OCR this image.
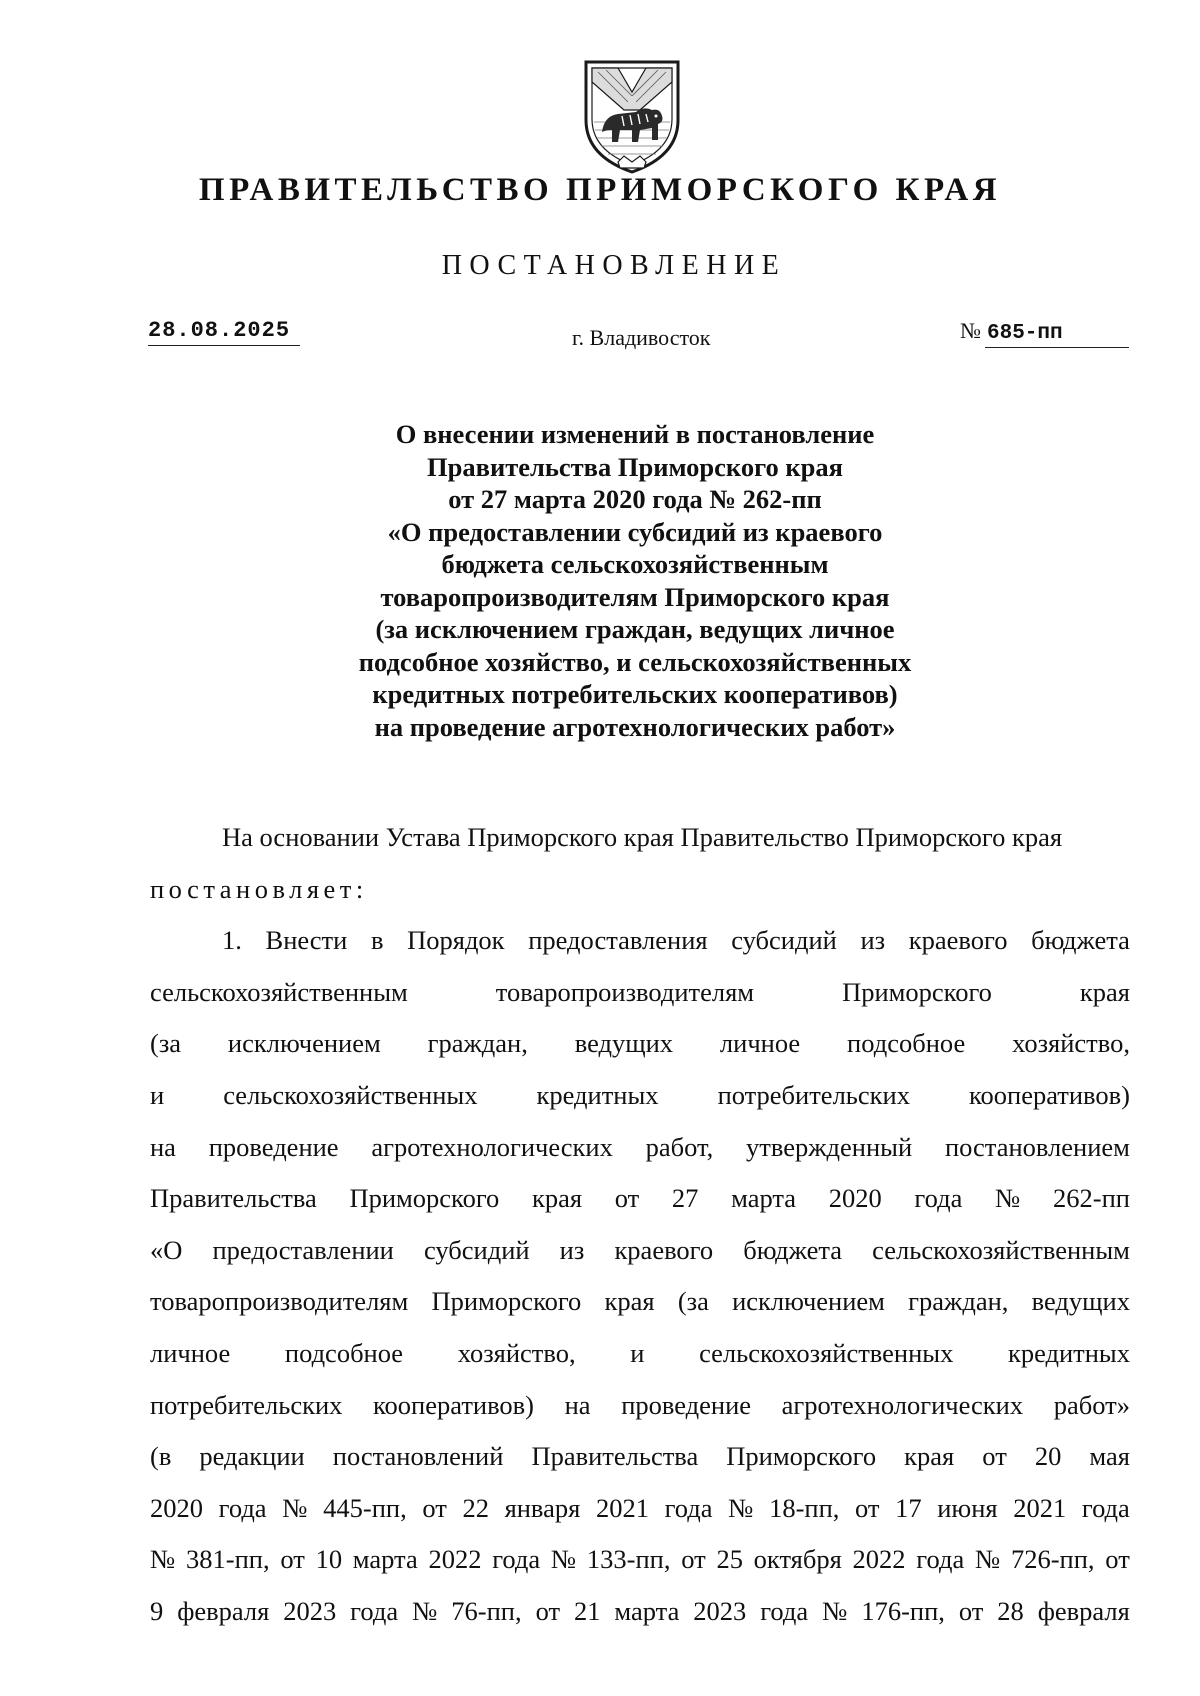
ПРАВИТЕЛЬСТВО ПРИМОРСКОГО КРАЯ
ПОСТАНОВЛЕНИЕ
28.08.2025	г. Владивосток	№ 685-пп
О внесении изменений в постановление
Правительства Приморского края
от 27 марта 2020 года № 262-пп
«О предоставлении субсидий из краевого
бюджета сельскохозяйственным
товаропроизводителям Приморского края
(за исключением граждан, ведущих личное
подсобное хозяйство, и сельскохозяйственных
кредитных потребительских кооперативов)
на проведение агротехнологических работ»
На основании Устава Приморского края Правительство Приморского края
постановляет:
1. Внести в Порядок предоставления субсидий из краевого бюджета
сельскохозяйственным	товаропроизводителям	Приморского	края
(за исключением граждан, ведущих личное подсобное хозяйство,
и сельскохозяйственных кредитных потребительских кооперативов)
на проведение агротехнологических работ, утвержденный постановлением
Правительства Приморского края от 27 марта 2020 года № 262-пп
«О предоставлении субсидий из краевого бюджета сельскохозяйственным
товаропроизводителям Приморского края (за исключением граждан, ведущих
личное подсобное хозяйство, и сельскохозяйственных кредитных
потребительских кооперативов) на проведение агротехнологических работ»
(в редакции постановлений Правительства Приморского края от 20 мая
2020 года № 445-пп, от 22 января 2021 года № 18-пп, от 17 июня 2021 года
№ 381-пп, от 10 марта 2022 года № 133-пп, от 25 октября 2022 года № 726-пп, от
9 февраля 2023 года № 76-пп, от 21 марта 2023 года № 176-пп, от 28 февраля
